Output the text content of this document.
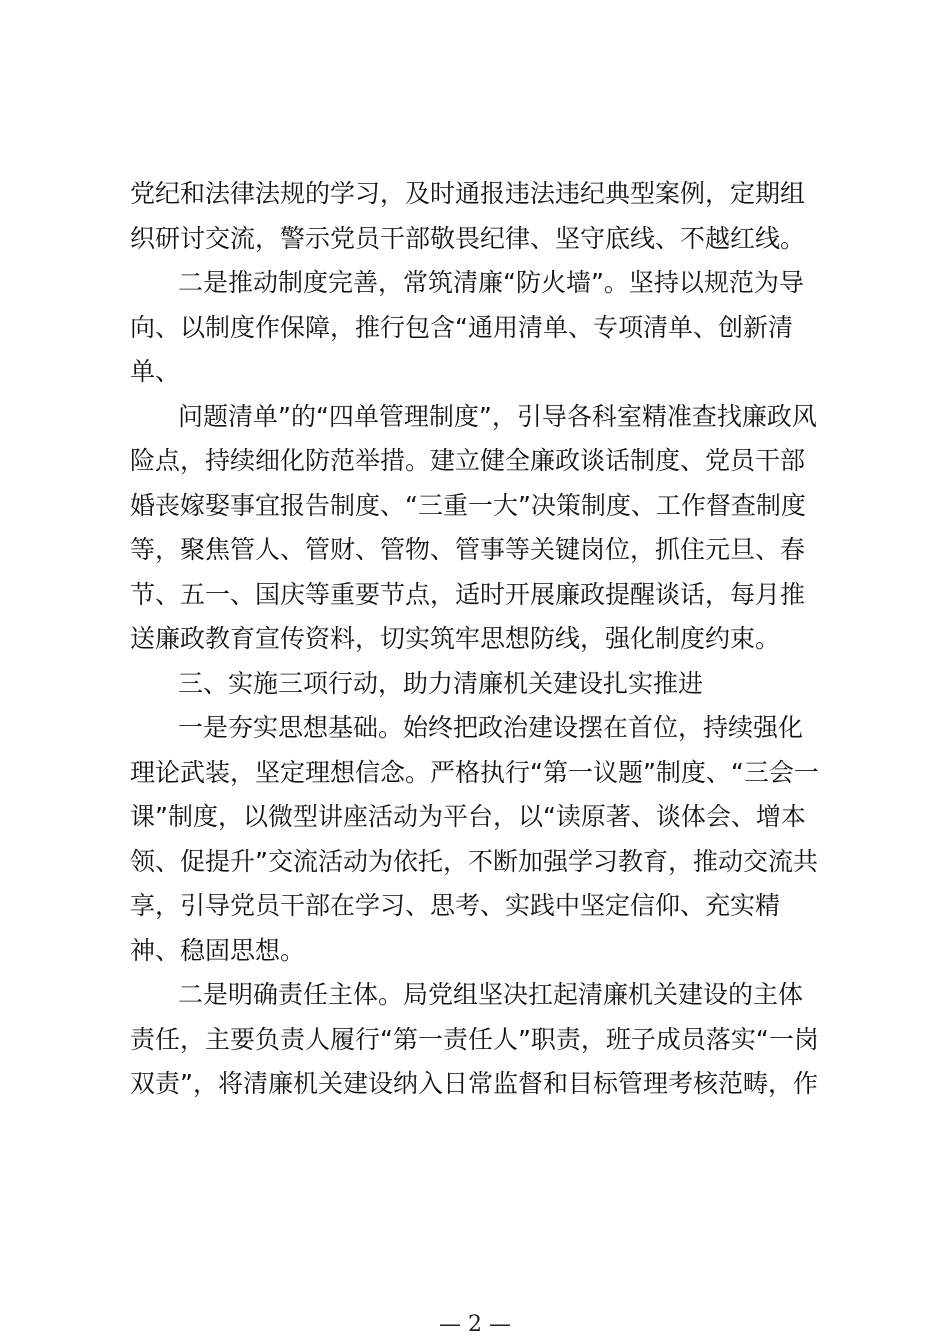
党纪和法律法规的学习，及时通报违法违纪典型案例，定期组
织研讨交流，警示党员干部敬畏纪律、坚守底线、不越红线。
二是推动制度完善，常筑清廉“防火墙”。坚持以规范为导
向、以制度作保障，推行包含“通用清单、专项清单、创新清
单、
问题清单”的“四单管理制度”，引导各科室精准查找廉政风
险点，持续细化防范举措。建立健全廉政谈话制度、党员干部
婚丧嫁娶事宜报告制度、“三重一大”决策制度、工作督查制度
等，聚焦管人、管财、管物、管事等关键岗位，抓住元旦、春
节、五一、国庆等重要节点，适时开展廉政提醒谈话，每月推
送廉政教育宣传资料，切实筑牢思想防线，强化制度约束。
三、实施三项行动，助力清廉机关建设扎实推进
一是夯实思想基础。始终把政治建设摆在首位，持续强化
理论武装，坚定理想信念。严格执行“第一议题”制度、“三会一
课”制度，以微型讲座活动为平台，以“读原著、谈体会、增本
领、促提升”交流活动为依托，不断加强学习教育，推动交流共
享，引导党员干部在学习、思考、实践中坚定信仰、充实精
神、稳固思想。
二是明确责任主体。局党组坚决扛起清廉机关建设的主体
责任，主要负责人履行“第一责任人”职责，班子成员落实“一岗
双责”，将清廉机关建设纳入日常监督和目标管理考核范畴，作
— 2 —
